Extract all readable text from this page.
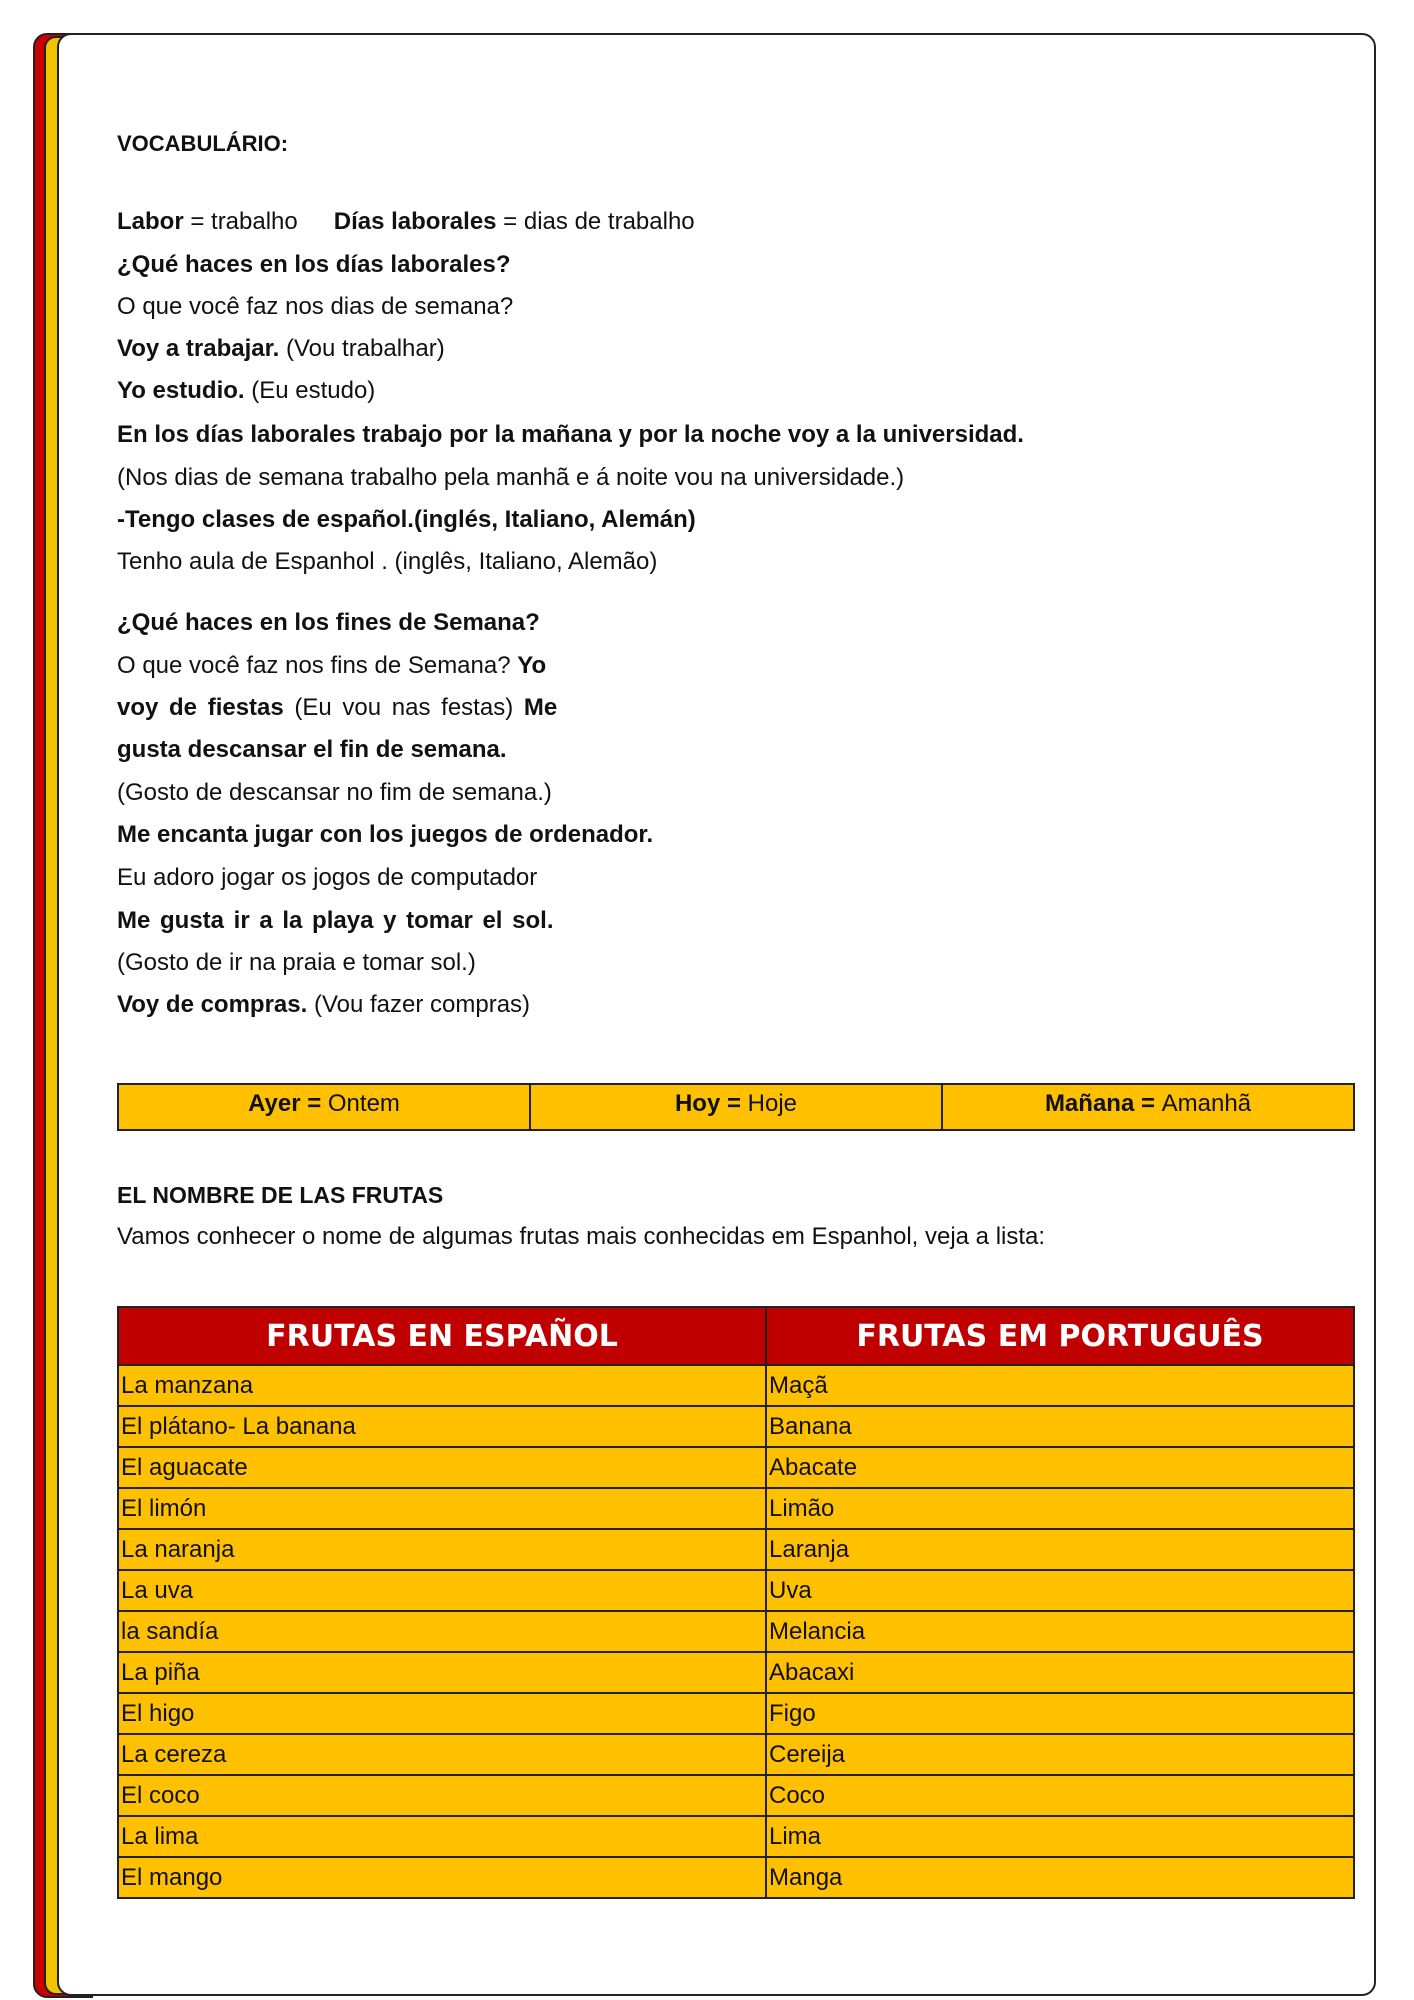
VOCABULÁRIO:
Labor = trabalho Días laborales = dias de trabalho
¿Qué haces en los días laborales?
O que você faz nos dias de semana?
Voy a trabajar. (Vou trabalhar)
Yo estudio. (Eu estudo)
En los días laborales trabajo por la mañana y por la noche voy a la universidad.
(Nos dias de semana trabalho pela manhã e á noite vou na universidade.)
-Tengo clases de español.(inglés, Italiano, Alemán)
Tenho aula de Espanhol . (inglês, Italiano, Alemão)
¿Qué haces en los fines de Semana?
O que você faz nos fins de Semana? Yo
voy de fiestas (Eu vou nas festas) Me
gusta descansar el fin de semana.
(Gosto de descansar no fim de semana.)
Me encanta jugar con los juegos de ordenador.
Eu adoro jogar os jogos de computador
Me gusta ir a la playa y tomar el sol.
(Gosto de ir na praia e tomar sol.)
Voy de compras. (Vou fazer compras)
Ayer = Ontem	Hoy = Hoje	Mañana = Amanhã
EL NOMBRE DE LAS FRUTAS
Vamos conhecer o nome de algumas frutas mais conhecidas em Espanhol, veja a lista:
FRUTAS EN ESPAÑOL	FRUTAS EM PORTUGUÊS
La manzana	Maçã
El plátano- La banana	Banana
El aguacate	Abacate
El limón	Limão
La naranja	Laranja
La uva	Uva
la sandía	Melancia
La piña	Abacaxi
El higo	Figo
La cereza	Cereija
El coco	Coco
La lima	Lima
El mango	Manga
